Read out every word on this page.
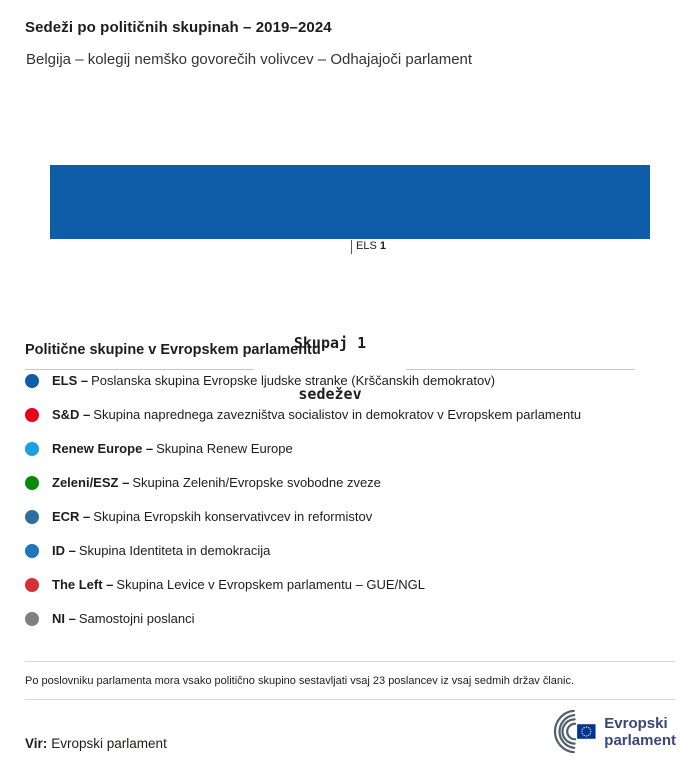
Sedeži po političnih skupinah – 2019–2024
Belgija – kolegij nemško govorečih volivcev – Odhajajoči parlament
ELS 1

Skupaj 1

sedežev

Politične skupine v Evropskem parlamentu
ELS – Poslanska skupina Evropske ljudske stranke (Krščanskih demokratov)
S&D – Skupina naprednega zavezništva socialistov in demokratov v Evropskem parlamentu
Renew Europe – Skupina Renew Europe
Zeleni/ESZ – Skupina Zelenih/Evropske svobodne zveze
ECR – Skupina Evropskih konservativcev in reformistov
ID – Skupina Identiteta in demokracija
The Left – Skupina Levice v Evropskem parlamentu – GUE/NGL
NI – Samostojni poslanci
Po poslovniku parlamenta mora vsako politično skupino sestavljati vsaj 23 poslancev iz vsaj sedmih držav članic.
Vir: Evropski parlament
Evropski
parlament
